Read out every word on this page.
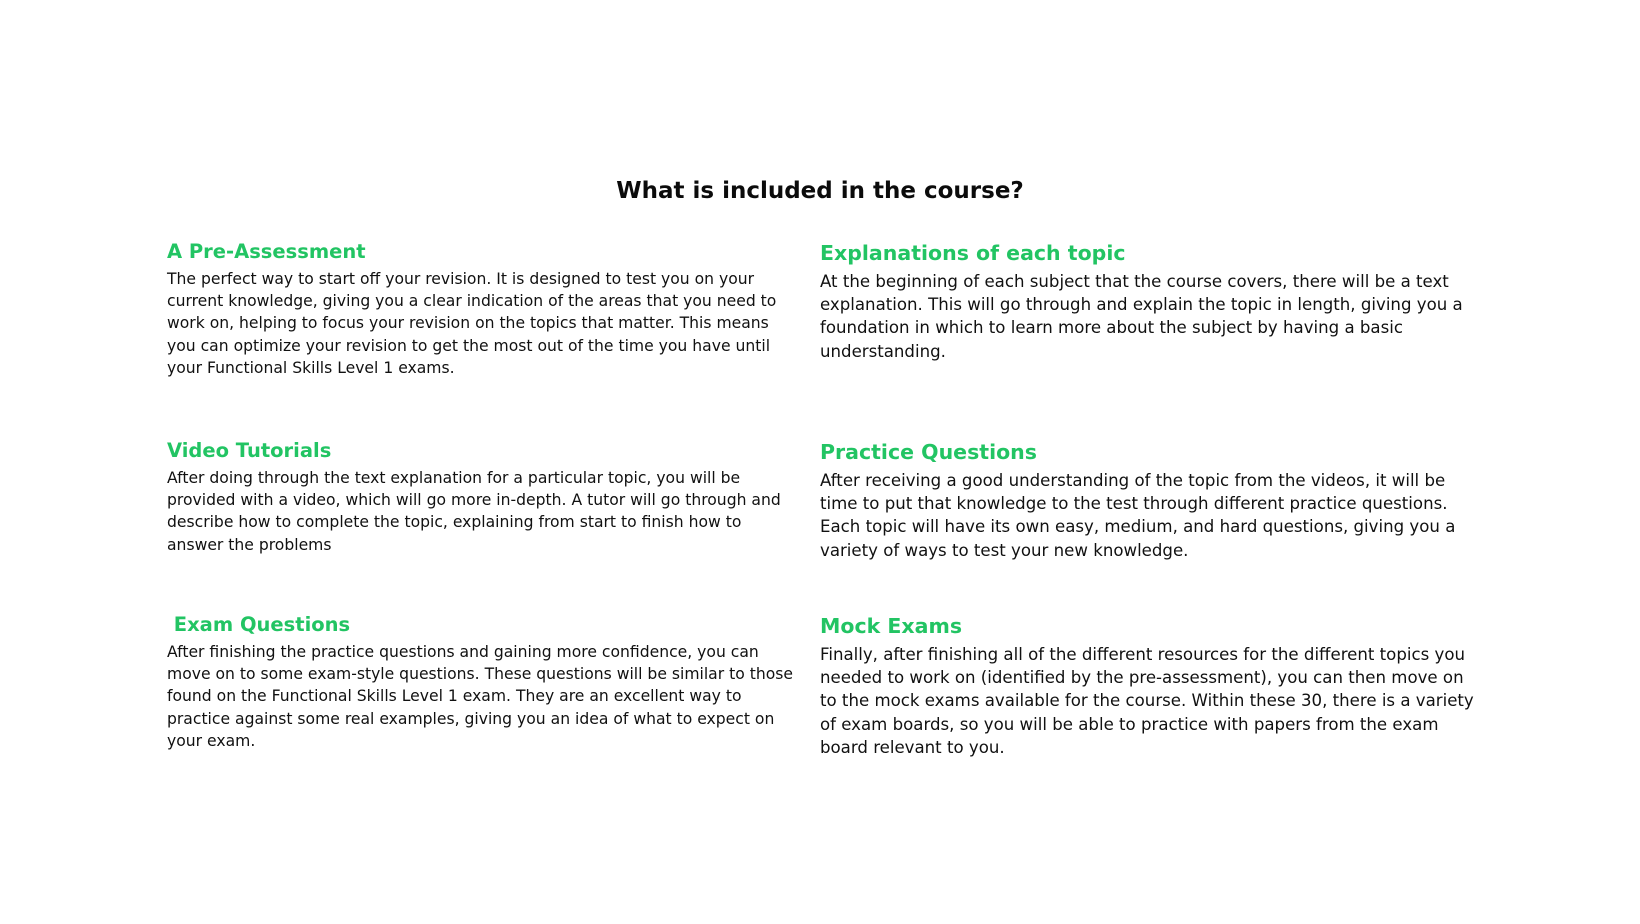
What is included in the course?
A Pre-Assessment

The perfect way to start off your revision. It is designed to test you on your current knowledge, giving you a clear indication of the areas that you need to work on, helping to focus your revision on the topics that matter. This means you can optimize your revision to get the most out of the time you have until your Functional Skills Level 1 exams.

Explanations of each topic

At the beginning of each subject that the course covers, there will be a text explanation. This will go through and explain the topic in length, giving you a foundation in which to learn more about the subject by having a basic understanding.

Video Tutorials

After doing through the text explanation for a particular topic, you will be provided with a video, which will go more in-depth. A tutor will go through and describe how to complete the topic, explaining from start to finish how to answer the problems

Practice Questions

After receiving a good understanding of the topic from the videos, it will be time to put that knowledge to the test through different practice questions. Each topic will have its own easy, medium, and hard questions, giving you a variety of ways to test your new knowledge.

Exam Questions

After finishing the practice questions and gaining more confidence, you can move on to some exam-style questions. These questions will be similar to those found on the Functional Skills Level 1 exam. They are an excellent way to practice against some real examples, giving you an idea of what to expect on your exam.

Mock Exams

Finally, after finishing all of the different resources for the different topics you needed to work on (identified by the pre-assessment), you can then move on to the mock exams available for the course. Within these 30, there is a variety of exam boards, so you will be able to practice with papers from the exam board relevant to you.
